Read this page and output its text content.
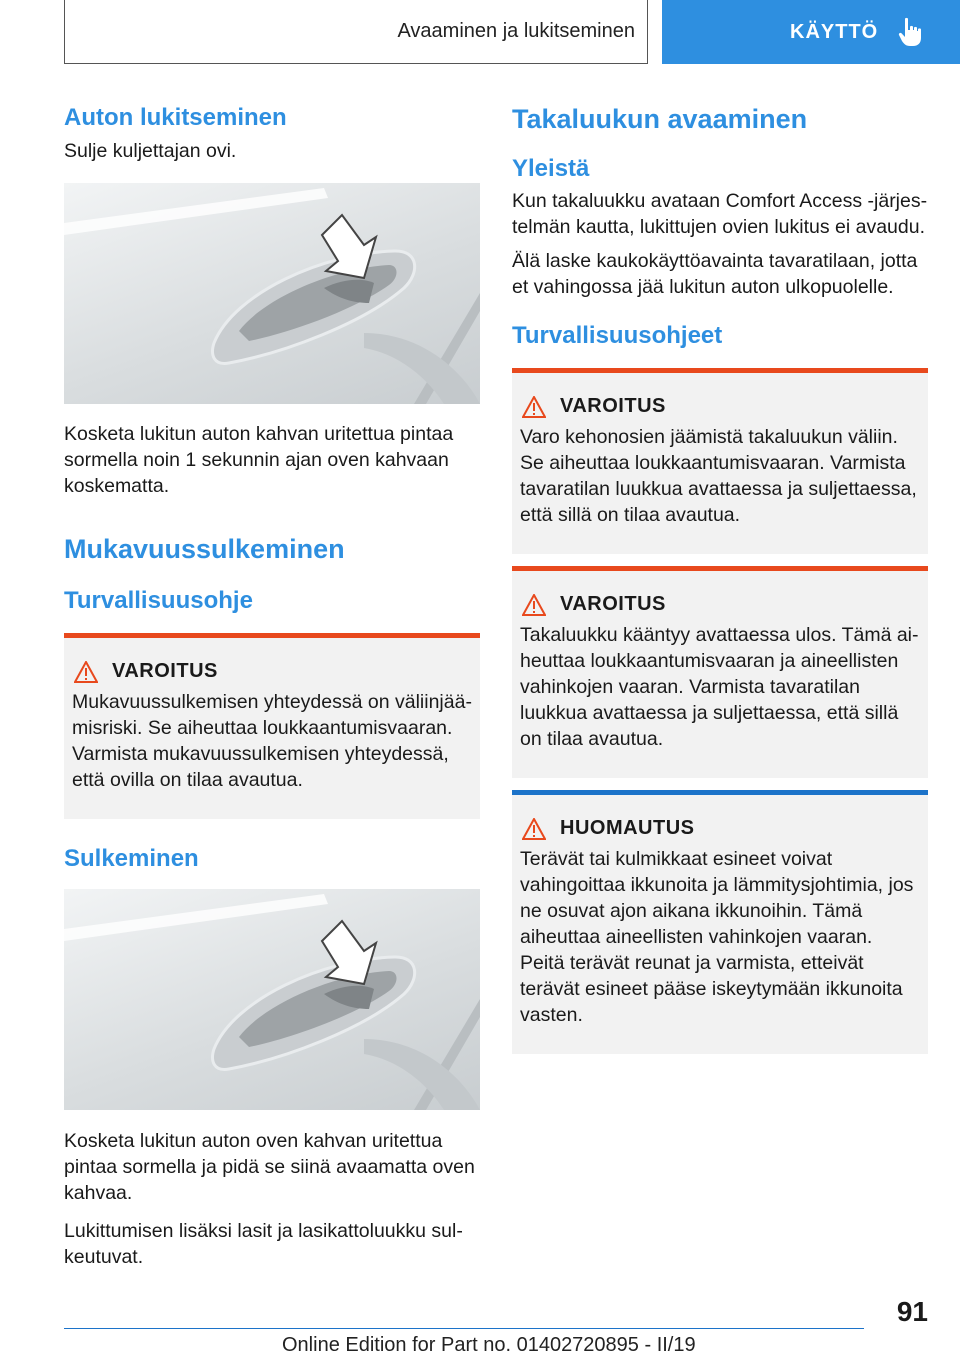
Avaaminen ja lukitseminen	KÄYTTÖ
Auton lukitseminen

Sulje kuljettajan ovi.

Kosketa lukitun auton kahvan uritettua pintaa sormella noin 1 sekunnin ajan oven kahvaan koskematta.

Mukavuussulkeminen
Turvallisuusohje
VAROITUS

Mukavuussulkemisen yhteydessä on väliinjäämisriski. Se aiheuttaa loukkaantumisvaaran. Varmista mukavuussulkemisen yhteydessä, että ovilla on tilaa avautua.

Sulkeminen

Kosketa lukitun auton oven kahvan uritettua pintaa sormella ja pidä se siinä avaamatta oven kahvaa.

Lukittumisen lisäksi lasit ja lasikattoluukku sulkeutuvat.

Takaluukun avaaminen
Yleistä

Kun takaluukku avataan Comfort Access -järjestelmän kautta, lukittujen ovien lukitus ei avaudu.

Älä laske kaukokäyttöavainta tavaratilaan, jotta et vahingossa jää lukitun auton ulkopuolelle.

Turvallisuusohjeet
VAROITUS

Varo kehonosien jäämistä takaluukun väliin. Se aiheuttaa loukkaantumisvaaran. Varmista tavaratilan luukkua avattaessa ja suljettaessa, että sillä on tilaa avautua.

VAROITUS

Takaluukku kääntyy avattaessa ulos. Tämä aiheuttaa loukkaantumisvaaran ja aineellisten vahinkojen vaaran. Varmista tavaratilan luukkua avattaessa ja suljettaessa, että sillä on tilaa avautua.

HUOMAUTUS

Terävät tai kulmikkaat esineet voivat vahingoittaa ikkunoita ja lämmitysjohtimia, jos ne osuvat ajon aikana ikkunoihin. Tämä aiheuttaa aineellisten vahinkojen vaaran. Peitä terävät reunat ja varmista, etteivät terävät esineet pääse iskeytymään ikkunoita vasten.

91
Online Edition for Part no. 01402720895 - II/19
